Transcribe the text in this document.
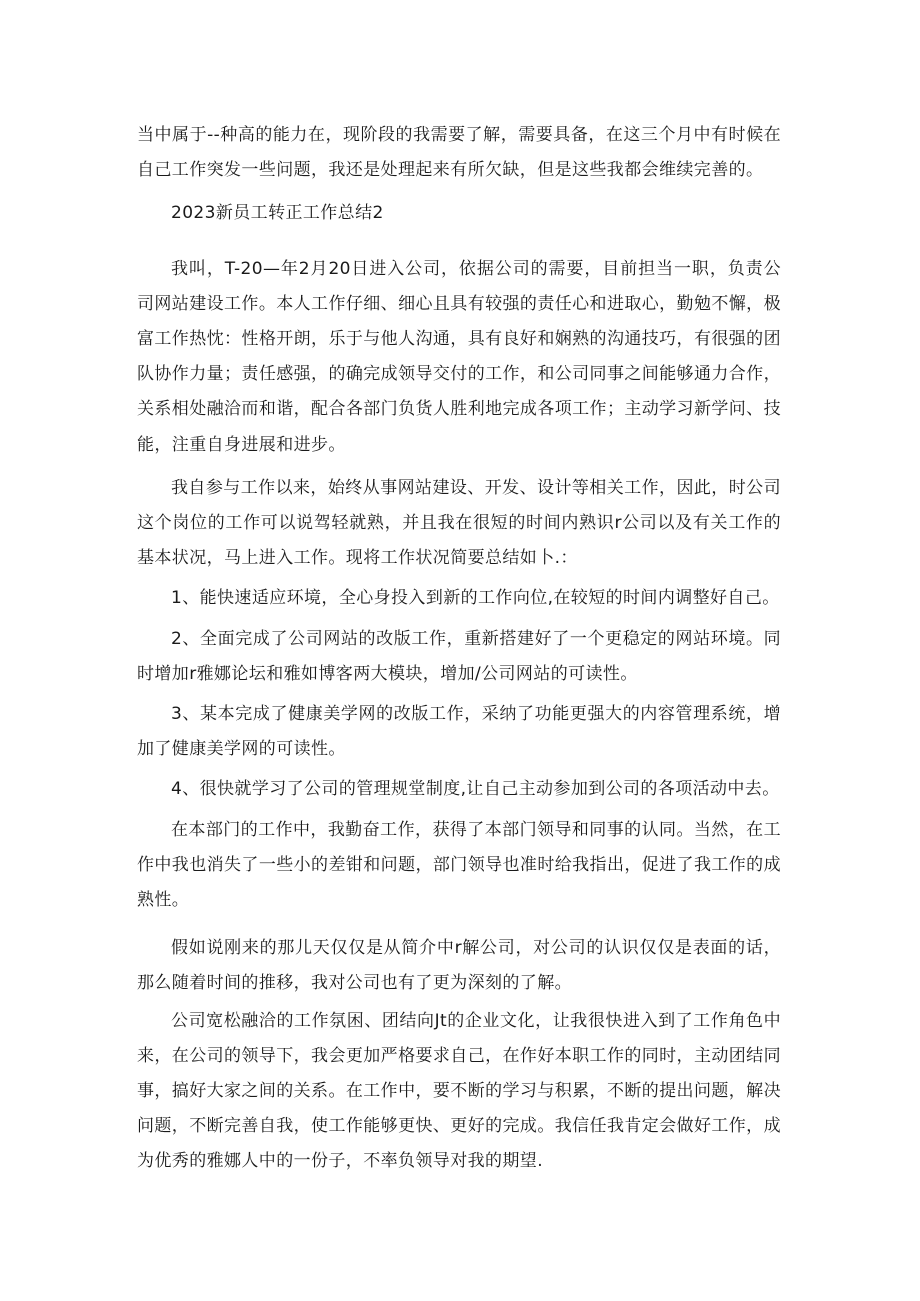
当中属于--种高的能力在，现阶段的我需要了解，需要具备，在这三个月中有时候在自己工作突发一些问题，我还是处理起来有所欠缺，但是这些我都会维续完善的。

2023新员工转正工作总结2

我叫，T-20—年2月20日进入公司，依据公司的需要，目前担当一职，负责公司网站建设工作。本人工作仔细、细心且具有较强的责任心和进取心，勤勉不懈，极富工作热忱：性格开朗，乐于与他人沟通，具有良好和娴熟的沟通技巧，有很强的团队协作力量；责任感强，的确完成领导交付的工作，和公司同事之间能够通力合作，关系相处融洽而和谐，配合各部门负货人胜利地完成各项工作；主动学习新学问、技能，注重自身进展和进步。

我自参与工作以来，始终从事网站建设、开发、设计等相关工作，因此，时公司这个岗位的工作可以说驾轻就熟，并且我在很短的时间内熟识r公司以及有关工作的基本状况，马上进入工作。现将工作状况简要总结如卜.：

1、能快速适应环境，全心身投入到新的工作向位,在较短的时间内调整好自己。

2、全面完成了公司网站的改版工作，重新搭建好了一个更稳定的网站环境。同时增加r雅娜论坛和雅如博客两大模块，增加/公司网站的可读性。

3、某本完成了健康美学网的改版工作，采纳了功能更强大的内容管理系统，增加了健康美学网的可读性。

4、很快就学习了公司的管理规堂制度,让自己主动参加到公司的各项活动中去。

在本部门的工作中，我勤奋工作，获得了本部门领导和同事的认同。当然，在工作中我也消失了一些小的差钳和问题，部门领导也准时给我指出，促进了我工作的成熟性。

假如说刚来的那儿天仅仅是从简介中r解公司，对公司的认识仅仅是表面的话，那么随着时间的推移，我对公司也有了更为深刻的了解。

公司宽松融洽的工作氛困、团结向Jt的企业文化，让我很快进入到了工作角色中来，在公司的领导下，我会更加严格要求自己，在作好本职工作的同时，主动团结同事，搞好大家之间的关系。在工作中，要不断的学习与积累，不断的提出问题，解决问题，不断完善自我，使工作能够更快、更好的完成。我信任我肯定会做好工作，成为优秀的雅娜人中的一份子，不率负领导对我的期望.
